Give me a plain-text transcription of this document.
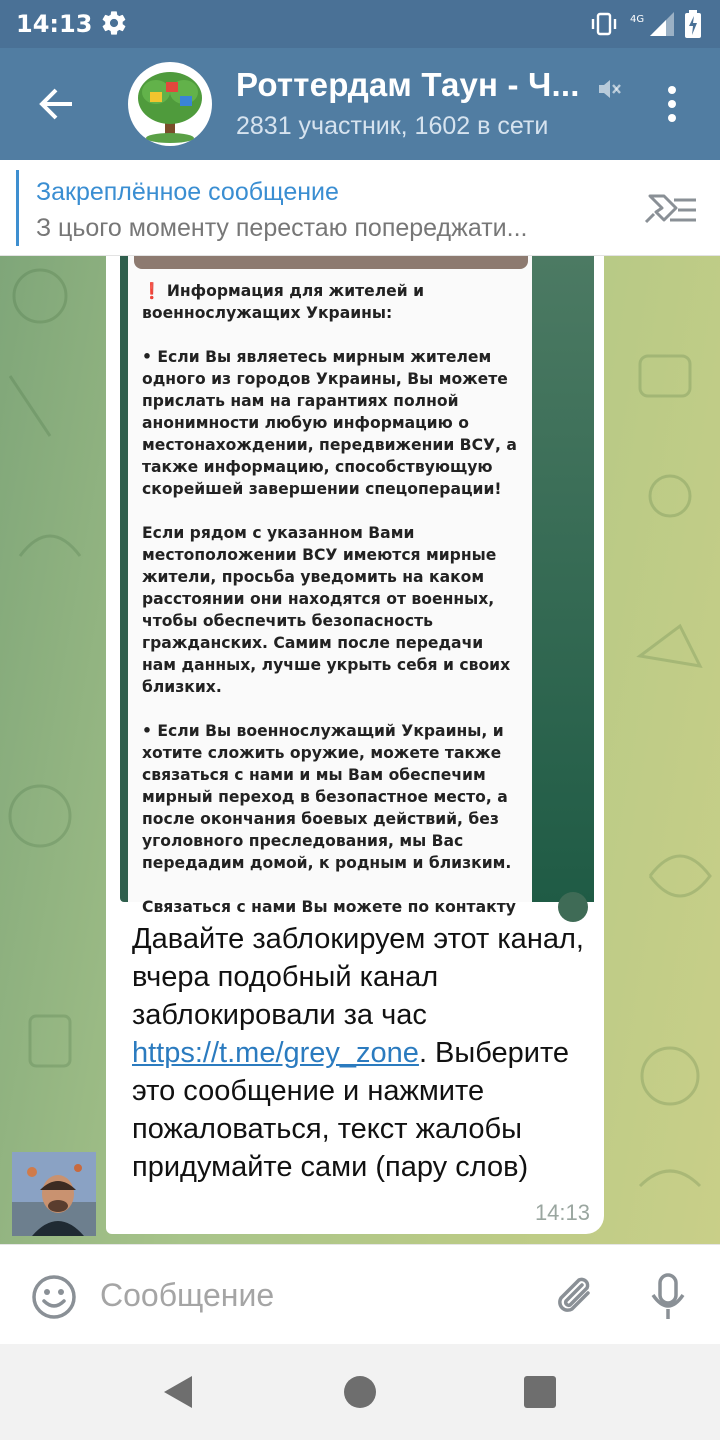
14:13	4G
Роттердам Таун - Ч...
2831 участник, 1602 в сети
Закреплённое сообщение
З цього моменту перестаю попереджати...

❗ Информация для жителей и военнослужащих Украины:

• Если Вы являетесь мирным жителем одного из городов Украины, Вы можете прислать нам на гарантиях полной анонимности любую информацию о местонахождении, передвижении ВСУ, а также информацию, способствующую скорейшей завершении спецоперации!

Если рядом с указанном Вами местоположении ВСУ имеются мирные жители, просьба уведомить на каком расстоянии они находятся от военных, чтобы обеспечить безопасность гражданских. Самим после передачи нам данных, лучше укрыть себя и своих близких.

• Если Вы военнослужащий Украины, и хотите сложить оружие, можете также связаться с нами и мы Вам обеспечим мирный переход в безопастное место, а после окончания боевых действий, без уголовного преследования, мы Вас передадим домой, к родным и близким.

Связаться с нами Вы можете по контакту

Давайте заблокируем этот канал, вчера подобный канал заблокировали за час https://t.me/grey_zone. Выберите это сообщение и нажмите пожаловаться, текст жалобы придумайте сами (пару слов)
14:13
Сообщение
